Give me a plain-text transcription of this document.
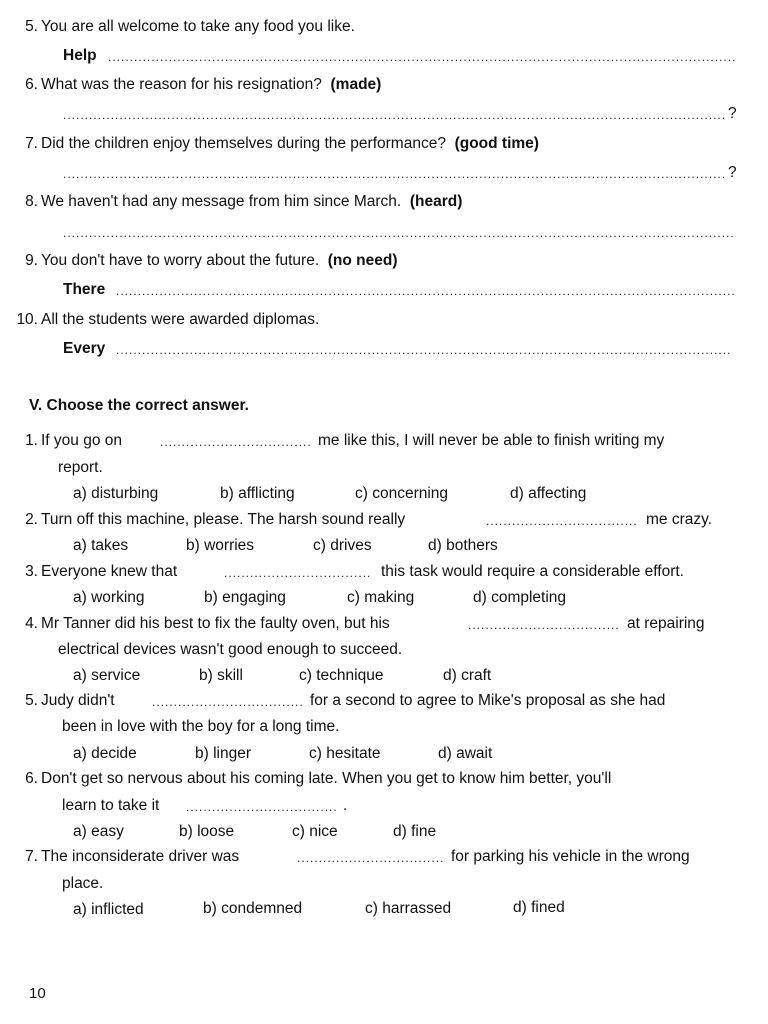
5. You are all welcome to take any food you like.
Help
.....
6. What was the reason for his resignation? (made)
.....
?
7. Did the children enjoy themselves during the performance? (good time)
.....
?
8. We haven't had any message from him since March. (heard)
.....
9. You don't have to worry about the future. (no need)
There
.....
10. All the students were awarded diplomas.
Every
.....
V. Choose the correct answer.
1. If you go on .....	me like this, I will never be able to finish writing my
report.
a) disturbing	b) afflicting	c) concerning	d) affecting
2. Turn off this machine, please. The harsh sound really .....	me crazy.
a) takes	b) worries	c) drives	d) bothers
3. Everyone knew that .....	this task would require a considerable effort.
a) working	b) engaging	c) making	d) completing
4. Mr Tanner did his best to fix the faulty oven, but his .....	at repairing
electrical devices wasn't good enough to succeed.
a) service	b) skill	c) technique	d) craft
5. Judy didn't .....	for a second to agree to Mike's proposal as she had
been in love with the boy for a long time.
a) decide	b) linger	c) hesitate	d) await
6. Don't get so nervous about his coming late. When you get to know him better, you'll
learn to take it .....	.
a) easy	b) loose	c) nice	d) fine
7. The inconsiderate driver was .....	for parking his vehicle in the wrong
place.
a) inflicted	b) condemned	c) harrassed	d) fined
10
